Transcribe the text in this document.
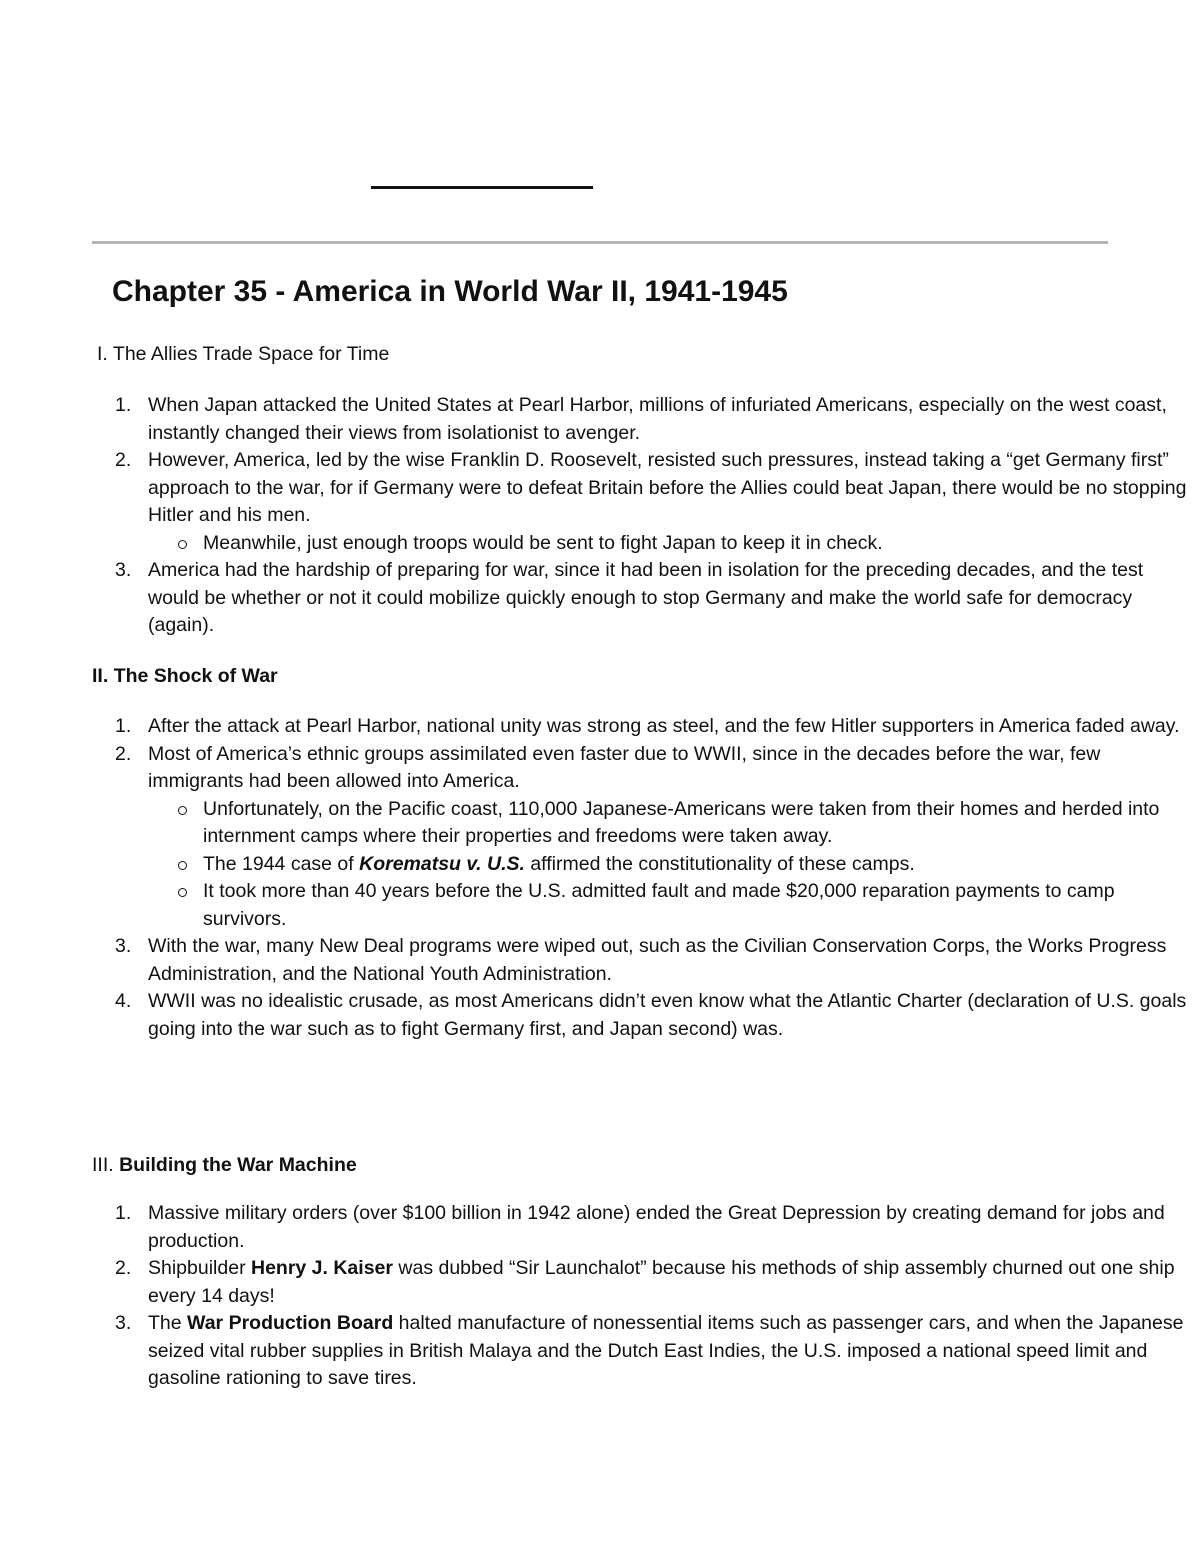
Chapter 35 - America in World War II, 1941-1945
I. The Allies Trade Space for Time
1. When Japan attacked the United States at Pearl Harbor, millions of infuriated Americans, especially on the west coast, instantly changed their views from isolationist to avenger.
2. However, America, led by the wise Franklin D. Roosevelt, resisted such pressures, instead taking a “get Germany first” approach to the war, for if Germany were to defeat Britain before the Allies could beat Japan, there would be no stopping Hitler and his men.
Meanwhile, just enough troops would be sent to fight Japan to keep it in check.
3. America had the hardship of preparing for war, since it had been in isolation for the preceding decades, and the test would be whether or not it could mobilize quickly enough to stop Germany and make the world safe for democracy (again).
II. The Shock of War
1. After the attack at Pearl Harbor, national unity was strong as steel, and the few Hitler supporters in America faded away.
2. Most of America’s ethnic groups assimilated even faster due to WWII, since in the decades before the war, few immigrants had been allowed into America.
Unfortunately, on the Pacific coast, 110,000 Japanese-Americans were taken from their homes and herded into internment camps where their properties and freedoms were taken away.
The 1944 case of Korematsu v. U.S. affirmed the constitutionality of these camps.
It took more than 40 years before the U.S. admitted fault and made $20,000 reparation payments to camp survivors.
3. With the war, many New Deal programs were wiped out, such as the Civilian Conservation Corps, the Works Progress Administration, and the National Youth Administration.
4. WWII was no idealistic crusade, as most Americans didn’t even know what the Atlantic Charter (declaration of U.S. goals going into the war such as to fight Germany first, and Japan second) was.
III. Building the War Machine
1. Massive military orders (over $100 billion in 1942 alone) ended the Great Depression by creating demand for jobs and production.
2. Shipbuilder Henry J. Kaiser was dubbed “Sir Launchalot” because his methods of ship assembly churned out one ship every 14 days!
3. The War Production Board halted manufacture of nonessential items such as passenger cars, and when the Japanese seized vital rubber supplies in British Malaya and the Dutch East Indies, the U.S. imposed a national speed limit and gasoline rationing to save tires.
